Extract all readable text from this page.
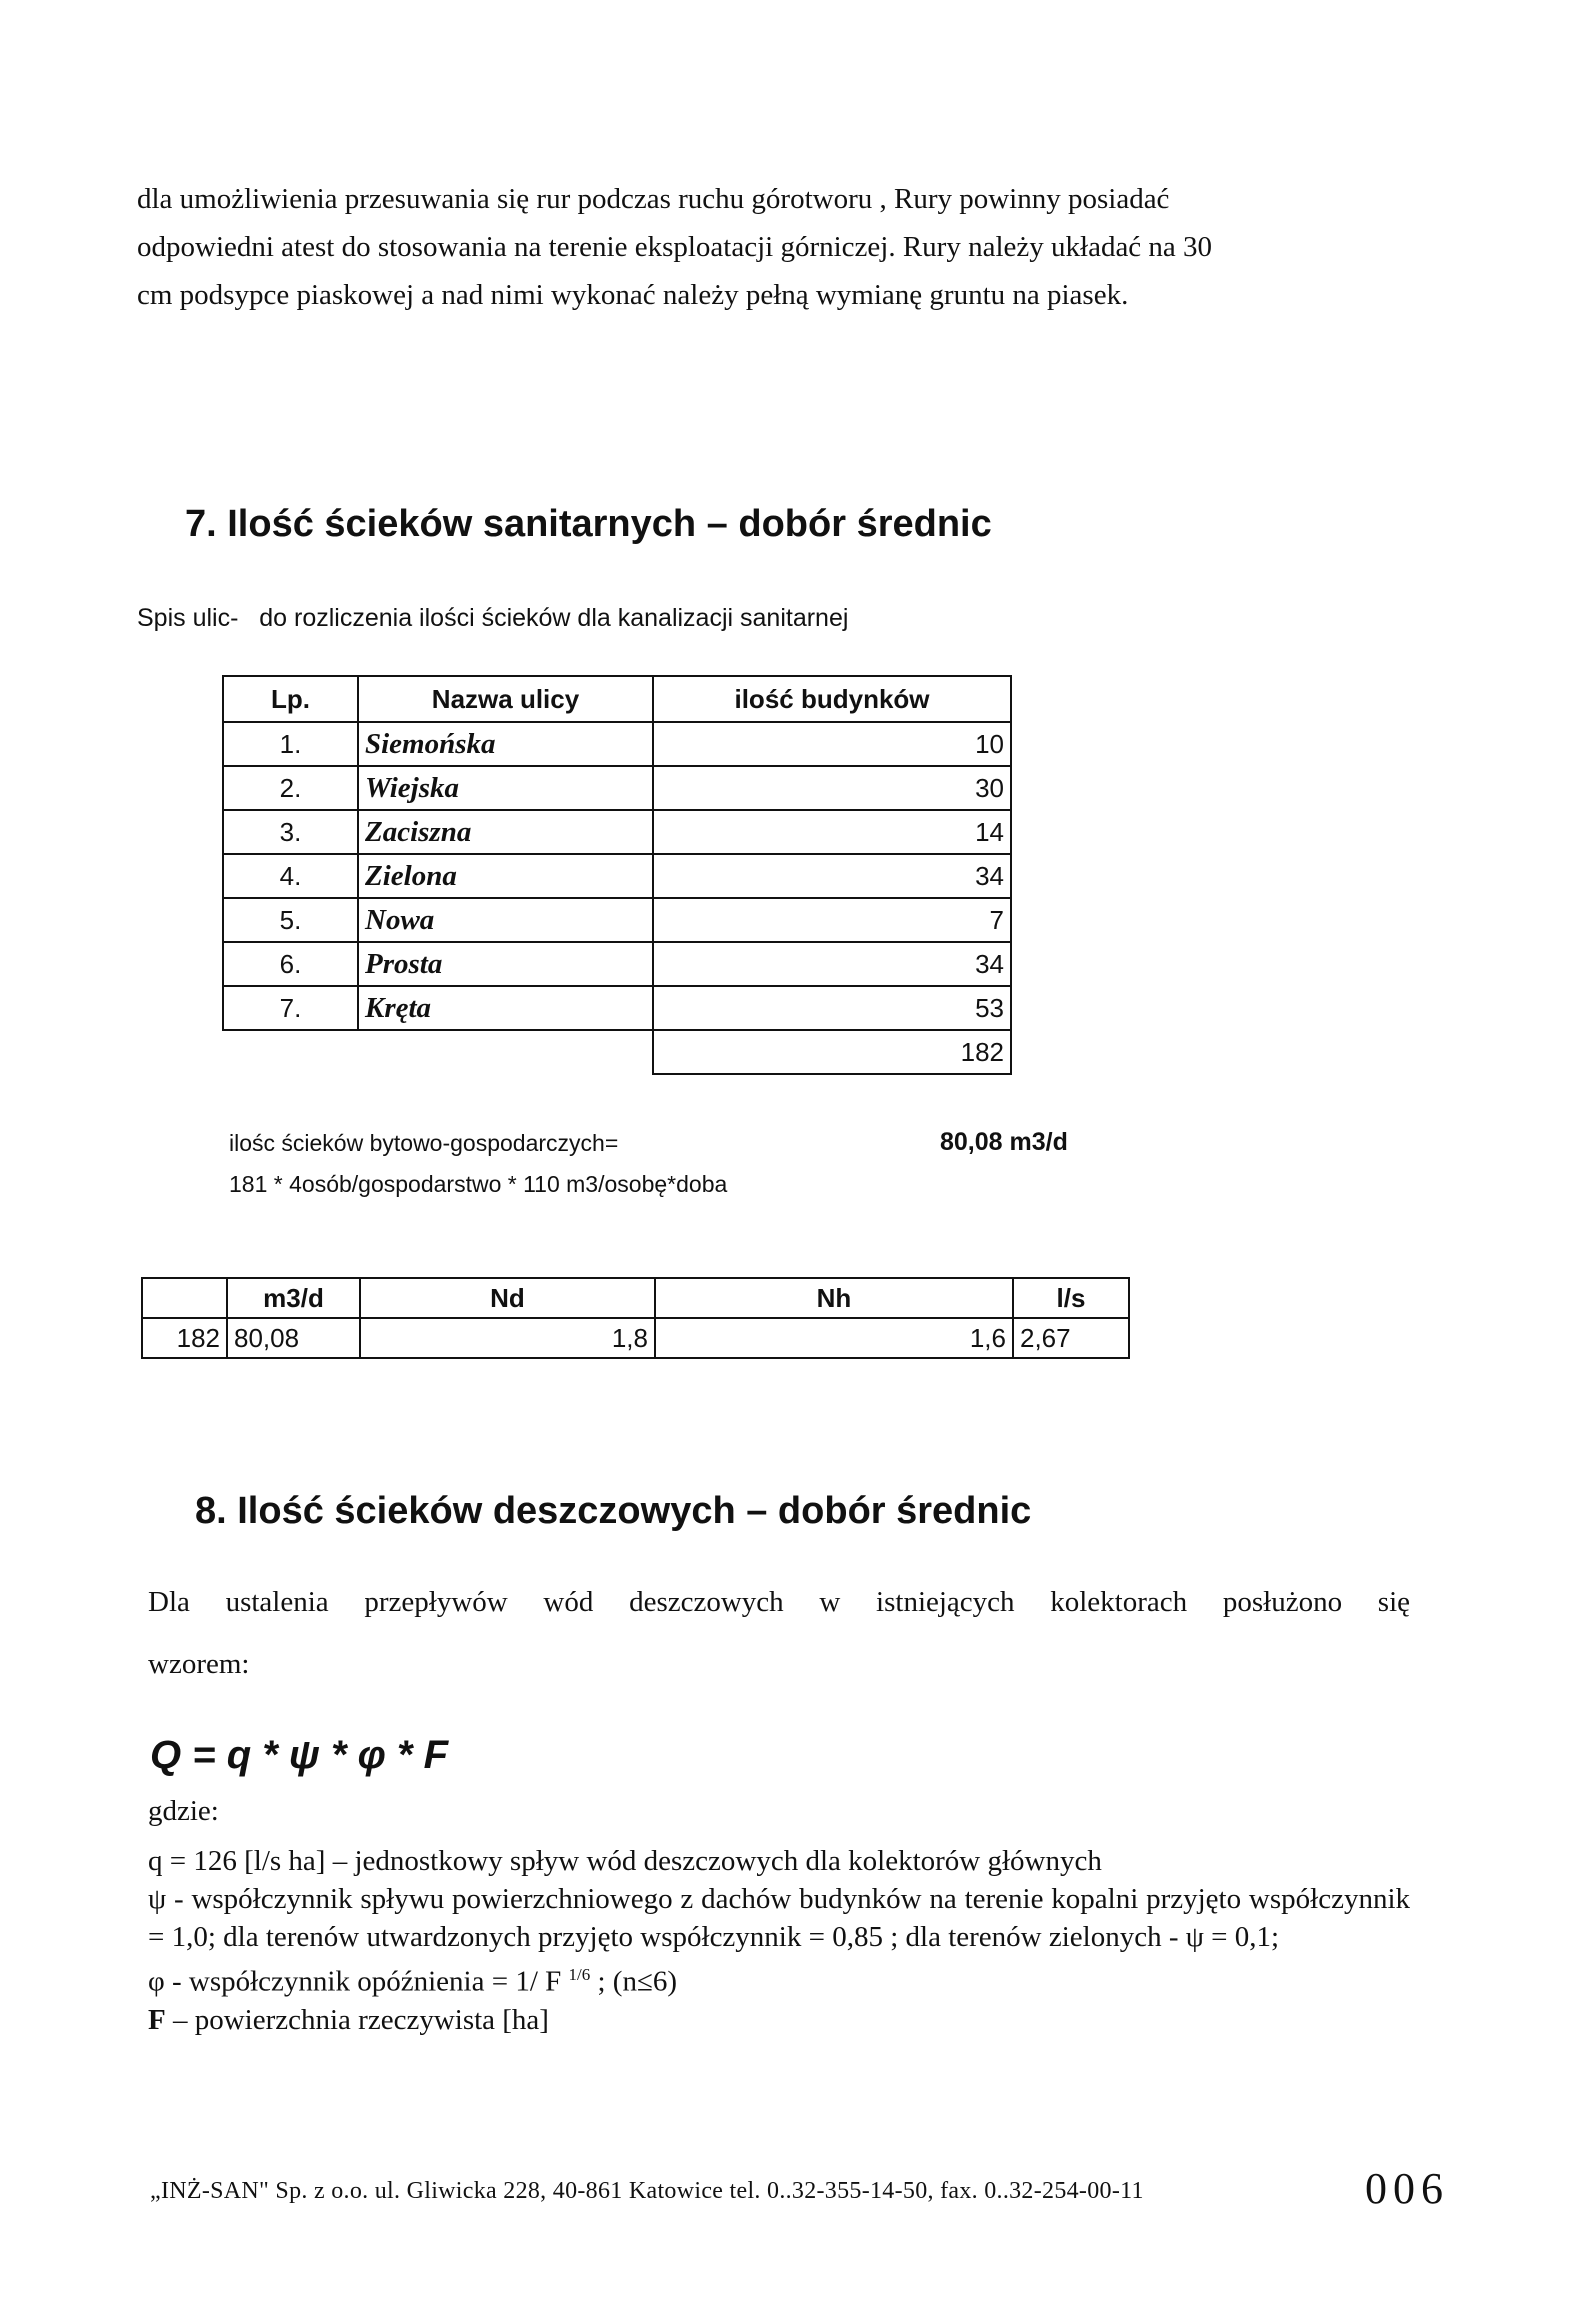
dla umożliwienia przesuwania się rur podczas ruchu górotworu , Rury powinny posiadać

odpowiedni atest do stosowania na terenie eksploatacji górniczej. Rury należy układać na 30

cm podsypce piaskowej a nad nimi wykonać należy pełną wymianę gruntu na piasek.

7. Ilość ścieków sanitarnych – dobór średnic
Spis ulic-   do rozliczenia ilości ścieków dla kanalizacji sanitarnej
Lp.	Nazwa ulicy	ilość budynków
1.	Siemońska	10
2.	Wiejska	30
3.	Zaciszna	14
4.	Zielona	34
5.	Nowa	7
6.	Prosta	34
7.	Kręta	53
		182
ilośc ścieków bytowo-gospodarczych=	80,08 m3/d
181 * 4osób/gospodarstwo * 110 m3/osobę*doba
	m3/d	Nd	Nh	l/s
182	80,08	1,8	1,6	2,67
8. Ilość ścieków deszczowych – dobór średnic
Dla ustalenia przepływów wód deszczowych w istniejących kolektorach posłużono się
wzorem:
Q = q * ψ * φ * F
gdzie:
q = 126 [l/s ha] – jednostkowy spływ wód deszczowych dla kolektorów głównych
ψ - współczynnik spływu powierzchniowego z dachów budynków na terenie kopalni przyjęto współczynnik = 1,0; dla terenów utwardzonych przyjęto współczynnik = 0,85 ; dla terenów zielonych - ψ = 0,1;
φ - współczynnik opóźnienia = 1/ F $^{1/6}$ ; (n≤6)
F – powierzchnia rzeczywista [ha]
„INŻ-SAN" Sp. z o.o. ul. Gliwicka 228, 40-861 Katowice tel. 0..32-355-14-50, fax. 0..32-254-00-11	006
